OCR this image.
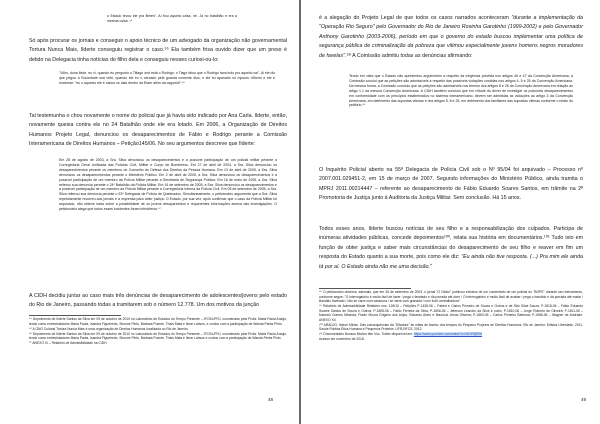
o Estado levou ele pra filmes". Aí fiou aquela coisa, né. Já no batalhão e era a mesma coisa. ²⁹

Só após procurar os jornais e conseguir o apoio técnico de um advogado da organização não governamental Tortura Nunca Mais, Ilderte conseguiu registrar o caso.⁹⁵ Ela também frisa ouvido dizer que um preso é detido na Delegacia tinha notícias do filho dela e conseguiu nesses curiosi-ou-lo:

"Vilho, dona Ilede, eu vi, quando eu pergunto o Tiltago ond está o Rodrigo, o Tiago falou que o Rodrigo tava indo pro aquela rua". Ai ele diz que pegou a Sociedade sua virtò, quando ele eu o cercado pela guarda comente dizs, e ele foi apanado só mpouto d'ibeiro e ele é inochese: "eu o aqueixo ele é cabos os dias dentro da Etaer além da cagonidi".⁹⁶

Tal testemunha o chou novamente o nome do policial que já havia sido indicado por Ana Carla. Ilderte, então, novamente queixa contra ele no 24 Batalhão onde ele era lotado. Em 2006, a Organização de Direitos Humanos Projeto Legal, denunciou os desaparecimentos de Fábio e Rodrigo perante a Comissão Interamericana de Direitos Humanos – Petição145/06. No seu argumentos descreve que Ilderte:

Em 28 de agosto de 2003, a Sra. Silva denunciou os desaparecimentos e a possível participação de um policial militar perante a Corregedoria Geral Unificada das Polícias Civil, Militar e Corpo de Bombeiros. Em 27 de abril de 2004, a Sra. Silva denunciou os desaparecimentos perante os membros do Conselho de Defesa dos Direitos da Pessoa Humana. Em 13 de abril de 2005, a Sra. Silva denunciou os desaparecimentos perante o Ministério Público. Em 2 de abril de 2005, a Sra. Silva denunciou os desaparecimentos e a possível participação de um membro da Polícia Militar perante a Secretaria de Segurança Pública. Em 16 de maio de 2005, a Sra. Silva reiterou sua denúncia perante o 24º Batalhão da Polícia Militar. Em 16 de setembro de 2005, a Sra. Silva denunciou os desaparecimentos e a possível participação de um membro da Polícia Militar perante a Corregedoria Interna da Polícia Civil. Em 05 de setembro de 2005, a Sra. Silva reiterou sua denúncia perante o 53º Delegacia de Polícia de Queimados. Simultaneamente, o peticionário argumenta que a Sra. Silva repetidamente recorreu aos jornais e à imprensa para obter justiça. O Estado, por sua vez, após confirmar que o caso da Polícia Militar foi arquivado, não obteve nada sobre a possibilidade de os jovens desaparecidos e requerentes informações acerca das investigações. O peticionário alega que todos esses incidentes foram infrutíferos.⁹⁷

A CIDH decidiu juntar ao caso mais três denúncias de desaparecimento de adolescentes/jovens pelo estado do Rio de Janeiro, passando todas a tramitarem sob o número 12.778. Um dos motivos da junção

⁹⁴ Depoimento de Ilderte Santos da Silva em 09 de outubro de 2010 no Laboratório de Estudos do Tempo Presente – IFCS/UFRJ, coordenado pela Profa. Maria Paula Araújo, tendo como entrevistadores Maria Paula, Isandra Figueiredo, Simone Pinto, Bárbara Puente, Thaís Mata e Ilmar Lahsos, e contou com a participação de Wanda Penta Pinto.

⁹⁵ A ONG Cultural Tortura Nunca Mais é uma organização de Direitos Humanos localizada no Rio de Janeiro.

⁹⁶ Depoimento de Ilderte Santos da Silva em 09 de outubro de 2010 no Laboratório de Estudos do Tempo Presente – IFCS/UFRJ, coordenado pela Profa. Maria Paula Araújo, tendo como entrevistadores Maria Paula, Isandra Figueiredo, Simone Pinto, Bárbara Puente, Thaís Mata e Ilmar Lahsos e contou com a participação de Wanda Penta Pinto.

⁹⁷ ANEXO XI – Relatório de Admissibilidade na CIDH.

48

é a alegação do Projeto Legal de que todos os casos narrados aconteceram "durante a implementação da "Operação Rio Seguro" pelo Governador do Rio de Janeiro Rosinha Garotinho (1999-2002) e pelo Governador Anthony Garotinho (2003-2006), período em que o governo do estado buscou implementar uma política de segurança pública de criminalização da pobreza que vitimou especialmente jovens homens negros moradores de favelas".⁹⁸ A Comissão admitiu todas as denúncias afirmando:

Tendo em vista que o Estado não apresentou argumentos a respeito da exigência prevista nos artigos 46 e 47 da Convenção Americana, a Comissão conclui que as petições são admissíveis a respeito das possíveis violações contidas nos artigos 4, 5 e 25 da Convenção Americana. Da mesma forma, a Comissão concluiu que as petições são admissíveis nos termos dos artigos 8 e 25 da Convenção Americana em relação ao artigo 1.1 da mesma Convenção Americana. A CIDH também concluiu que em virtude do dever de investigar os possíveis desaparecimentos em conformidade com os princípios estabelecidos no sistema interamericano, devem ser admitidas as violações ao artigo 3 da Convenção Americana, em detrimento das supostas vítimas e dos artigos 5, 8 e 25, em detrimento dos familiares das supostas vítimas conforme o relato do petitório.⁹⁹

O Inquérito Policial aberto na 55ª Delegacia de Polícia Civil sob o Nº 95/04 foi arquivado – Processo nº 2007.001.029451-2, em 15 de março de 2007. Segundo informações do Ministério Público, ainda tramita o MPRJ 2011.00214447 – referente ao desaparecimento de Fábio Eduardo Soares Santos, em trâmite na 2ª Promotoria de Justiça junto à Auditoria da Justiça Militar. Sem conclusão. Há 15 anos.

Todos esses anos, Ilderte buscou notícias de seu filho e a responsabilização dos culpados. Participa de inúmeras atividades públicas, concede depoimentos¹⁰⁰, relata sua história em documentários.¹⁰¹ Tudo isto em função de obter justiça e saber mais circunstâncias do desaparecimento de seu filho e reaver em fim um resposta do Estado quanto a sua morte, pois como ele diz: "Eu ainda não tive resposta. (...) Pra mim ele ainda tá por aí. O Estado ainda não me uma decisão."

⁹⁸ O peticionário observa, ademais, que em 26 de setembro de 2003, o jornal "O Globo" publicou extratos de um comentário de um policial do "BOPE" durante seu treinamento, conforme segue: "O interrogatório é muito fácil de fazer / pega o favelado e dá porrada até doer / O interrogatório é muito fácil de acabar / pega o bandido e dá porrada até matar / Bandido favelado / não se varre com vassoura / se varre com granada / com fuzil, metralhadora".

⁹⁹ Relatório de Admissibilidade Relatório nos. 126/10 – Petições P-1438-06 – Fabert e Carlos Primeiro de Souza e Outros e de São Silva Souza; P-1818-06 – Fábio Eduardo Soares Santos de Souza e Outros; P-1808-06 – Fábio Ferreira da Silva; P-1806-06 – Jeferson Leandro da Silva e outro; P-1810-06 – Jorge Roberto de Oliveira; P-1811-06 – Marcelo Gomes Miranda, Flavio Moura Grigório dos Anjos, Eduardo Alves e Maurício Jesus Oliveira; P-1863-06 – Carlos Pinheiro Barbosa; P-1966-06 – Wagner de Andrade. ANEXO XII.

¹⁰⁰ ARAÚJO, Ildeon Mirian. Das consequências da "Ditadura" às mães de favela: dos tempos do Pequeno Projetos de Direitos Humanos. Rio de Janeiro: Editora Liberdade, 2011. Saúde Pública Ética Humana e Pequenos Protetos. UFRJ/IFCS, 2012.

¹⁰¹ Documentário Nossos Mortos têm Voz. Trailer disponível em: https://www.youtube.com/watch?v=iWYRiijRIM

Acesso em novembro de 2018.

49
